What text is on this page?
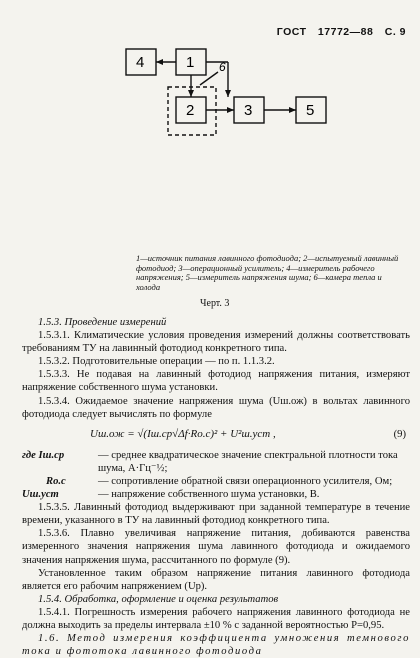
ГОСТ 17772—88 С. 9
4	1
2	3	5
6
1—источник питания лавинного фотодиода; 2—испытуемый лавинный фотодиод; 3—операционный усилитель; 4—измеритель рабочего напряжения; 5—измеритель напряжения шума; 6—камера тепла и холода
Черт. 3

1.5.3. Проведение измерений

1.5.3.1. Климатические условия проведения измерений должны соответствовать требованиям ТУ на лавинный фотодиод конкретного типа.

1.5.3.2. Подготовительные операции — по п. 1.1.3.2.

1.5.3.3. Не подавая на лавинный фотодиод напряжения питания, измеряют напряжение собственного шума установки.

1.5.3.4. Ожидаемое значение напряжения шума (Uш.ож) в вольтах лавинного фотодиода следует вычислять по формуле

Uш.ож = √(Iш.ср√Δf·Rо.с)² + U²ш.уст ,	(9)
где Iш.ср	— среднее квадратическое значение спектральной плотности тока шума, А·Гц⁻½;
Rо.с	— сопротивление обратной связи операционного усилителя, Ом;
Uш.уст	— напряжение собственного шума установки, В.

1.5.3.5. Лавинный фотодиод выдерживают при заданной температуре в течение времени, указанного в ТУ на лавинный фотодиод конкретного типа.

1.5.3.6. Плавно увеличивая напряжение питания, добиваются равенства измеренного значения напряжения шума лавинного фотодиода и ожидаемого значения напряжения шума, рассчитанного по формуле (9).

Установленное таким образом напряжение питания лавинного фотодиода является его рабочим напряжением (Uр).

1.5.4. Обработка, оформление и оценка результатов

1.5.4.1. Погрешность измерения рабочего напряжения лавинного фотодиода не должна выходить за пределы интервала ±10 % с заданной вероятностью P=0,95.

1.6. Метод измерения коэффициента умножения темнового тока и фототока лавинного фотодиода
